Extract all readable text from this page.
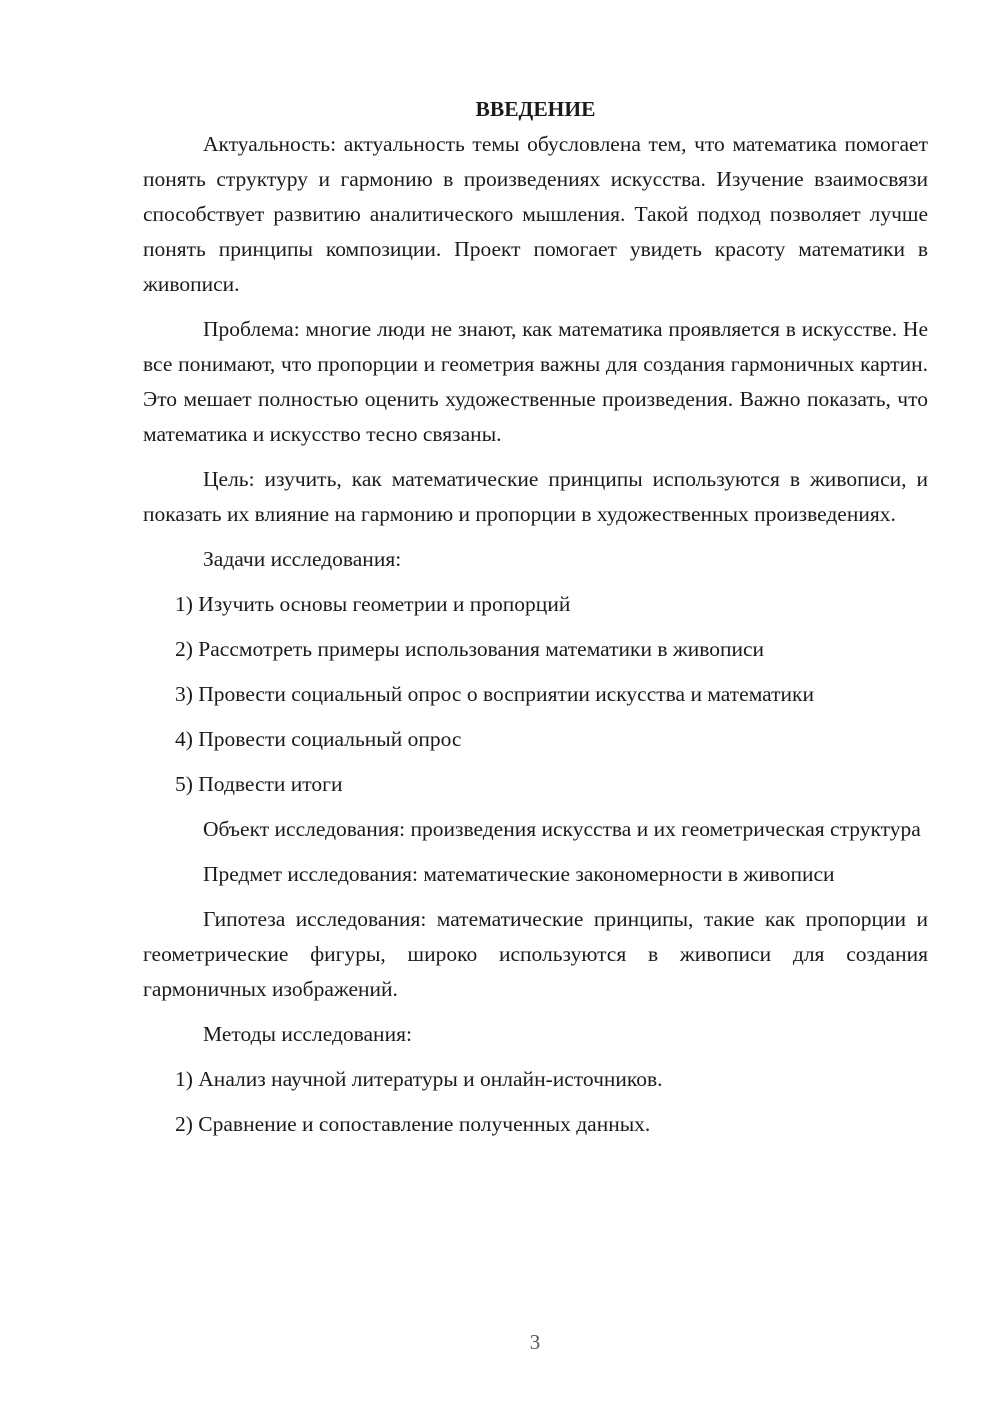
ВВЕДЕНИЕ

Актуальность: актуальность темы обусловлена тем, что математика помогает понять структуру и гармонию в произведениях искусства. Изучение взаимосвязи способствует развитию аналитического мышления. Такой подход позволяет лучше понять принципы композиции. Проект помогает увидеть красоту математики в живописи.

Проблема: многие люди не знают, как математика проявляется в искусстве. Не все понимают, что пропорции и геометрия важны для создания гармоничных картин. Это мешает полностью оценить художественные произведения. Важно показать, что математика и искусство тесно связаны.

Цель: изучить, как математические принципы используются в живописи, и показать их влияние на гармонию и пропорции в художественных произведениях.

Задачи исследования:

1) Изучить основы геометрии и пропорций

2) Рассмотреть примеры использования математики в живописи

3) Провести социальный опрос о восприятии искусства и математики

4) Провести социальный опрос

5) Подвести итоги

Объект исследования: произведения искусства и их геометрическая структура

Предмет исследования: математические закономерности в живописи

Гипотеза исследования: математические принципы, такие как пропорции и геометрические фигуры, широко используются в живописи для создания гармоничных изображений.

Методы исследования:

1) Анализ научной литературы и онлайн-источников.

2) Сравнение и сопоставление полученных данных.

3
